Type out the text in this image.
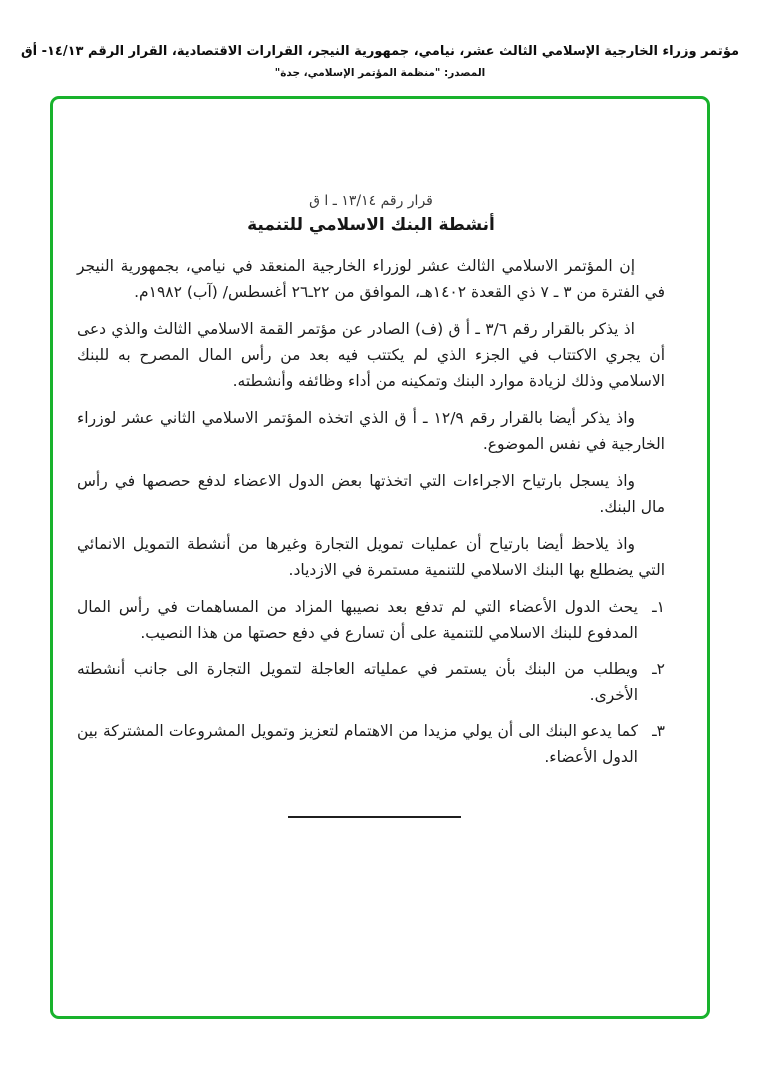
مؤتمر وزراء الخارجية الإسلامي الثالث عشر، نيامي، جمهورية النيجر، القرارات الاقتصادية، القرار الرقم ١٤/١٣- أق
المصدر: "منظمة المؤتمر الإسلامي، جدة"
قرار رقم ١٣/١٤ ـ ا ق
أنشطة البنك الاسلامي للتنمية

إن المؤتمر الاسلامي الثالث عشر لوزراء الخارجية المنعقد في نيامي، بجمهورية النيجر في الفترة من ٣ ـ ٧ ذي القعدة ١٤٠٢هـ، الموافق من ٢٢ـ٢٦ أغسطس/ (آب) ١٩٨٢م.

اذ يذكر بالقرار رقم ٣/٦ ـ أ ق (ف) الصادر عن مؤتمر القمة الاسلامي الثالث والذي دعى أن يجري الاكتتاب في الجزء الذي لم يكتتب فيه بعد من رأس المال المصرح به للبنك الاسلامي وذلك لزيادة موارد البنك وتمكينه من أداء وظائفه وأنشطته.

واذ يذكر أيضا بالقرار رقم ١٢/٩ ـ أ ق الذي اتخذه المؤتمر الاسلامي الثاني عشر لوزراء الخارجية في نفس الموضوع.

واذ يسجل بارتياح الاجراءات التي اتخذتها بعض الدول الاعضاء لدفع حصصها في رأس مال البنك.

واذ يلاحظ أيضا بارتياح أن عمليات تمويل التجارة وغيرها من أنشطة التمويل الانمائي التي يضطلع بها البنك الاسلامي للتنمية مستمرة في الازدياد.

١ـ
يحث الدول الأعضاء التي لم تدفع بعد نصيبها المزاد من المساهمات في رأس المال المدفوع للبنك الاسلامي للتنمية على أن تسارع في دفع حصتها من هذا النصيب.
٢ـ
ويطلب من البنك بأن يستمر في عملياته العاجلة لتمويل التجارة الى جانب أنشطته الأخرى.
٣ـ
كما يدعو البنك الى أن يولي مزيدا من الاهتمام لتعزيز وتمويل المشروعات المشتركة بين الدول الأعضاء.
